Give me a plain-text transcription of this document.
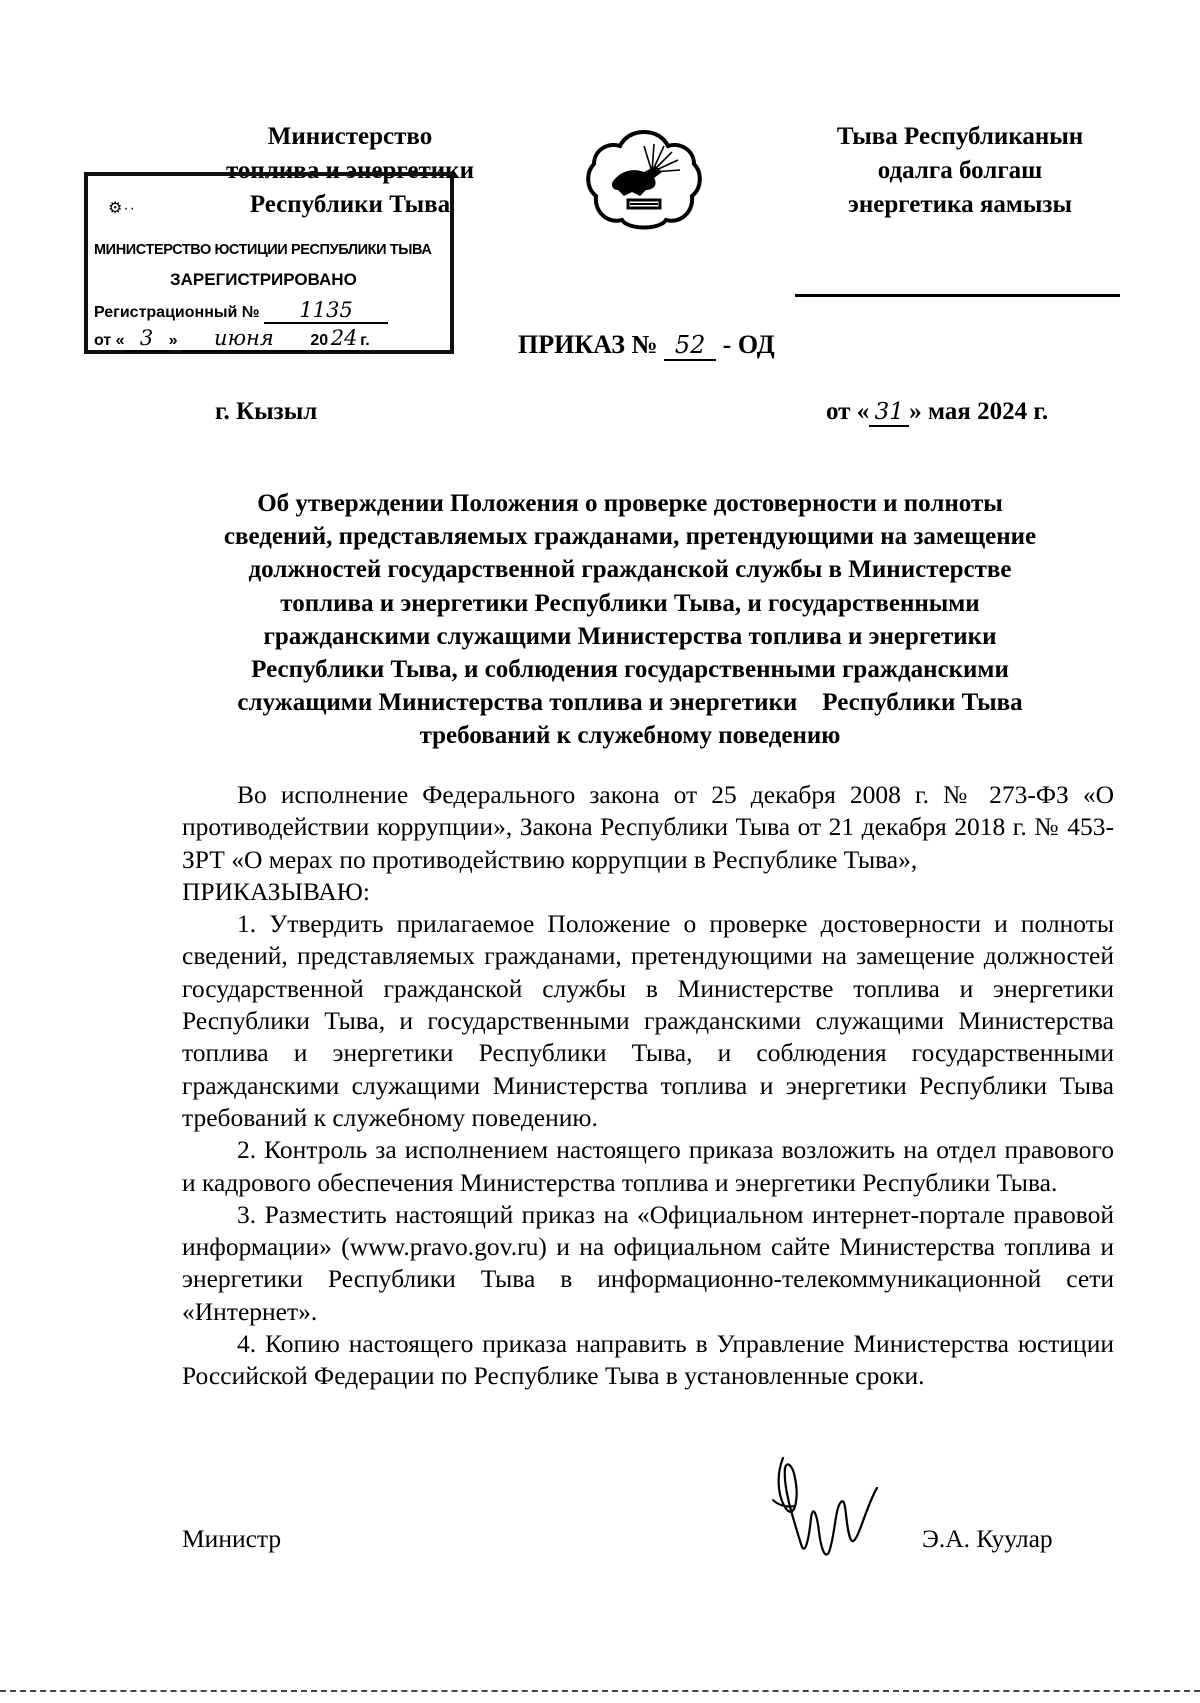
Министерство
топлива и энергетики
Республики Тыва
Тыва Республиканын
одалга болгаш
энергетика яамызы
⚙··
МИНИСТЕРСТВО ЮСТИЦИИ РЕСПУБЛИКИ ТЫВА
ЗАРЕГИСТРИРОВАНО
Регистрационный № 1135
от « 3 » июня 20 24 г.	ПРИКАЗ № 52 - ОД
г. Кызыл	от « 31 » мая 2024 г.
Об утверждении Положения о проверке достоверности и полноты
сведений, представляемых гражданами, претендующими на замещение
должностей государственной гражданской службы в Министерстве
топлива и энергетики Республики Тыва, и государственными
гражданскими служащими Министерства топлива и энергетики
Республики Тыва, и соблюдения государственными гражданскими
служащими Министерства топлива и энергетики    Республики Тыва
требований к служебному поведению

Во исполнение Федерального закона от 25 декабря 2008 г. № 273-ФЗ «О противодействии коррупции», Закона Республики Тыва от 21 декабря 2018 г. № 453-ЗРТ «О мерах по противодействию коррупции в Республике Тыва»,

ПРИКАЗЫВАЮ:

1. Утвердить прилагаемое Положение о проверке достоверности и полноты сведений, представляемых гражданами, претендующими на замещение должностей государственной гражданской службы в Министерстве топлива и энергетики Республики Тыва, и государственными гражданскими служащими Министерства топлива и энергетики Республики Тыва, и соблюдения государственными гражданскими служащими Министерства топлива и энергетики Республики Тыва требований к служебному поведению.

2. Контроль за исполнением настоящего приказа возложить на отдел правового и кадрового обеспечения Министерства топлива и энергетики Республики Тыва.

3. Разместить настоящий приказ на «Официальном интернет-портале правовой информации» (www.pravo.gov.ru) и на официальном сайте Министерства топлива и энергетики Республики Тыва в информационно-телекоммуникационной сети «Интернет».

4. Копию настоящего приказа направить в Управление Министерства юстиции Российской Федерации по Республике Тыва в установленные сроки.

Министр	Э.А. Куулар
